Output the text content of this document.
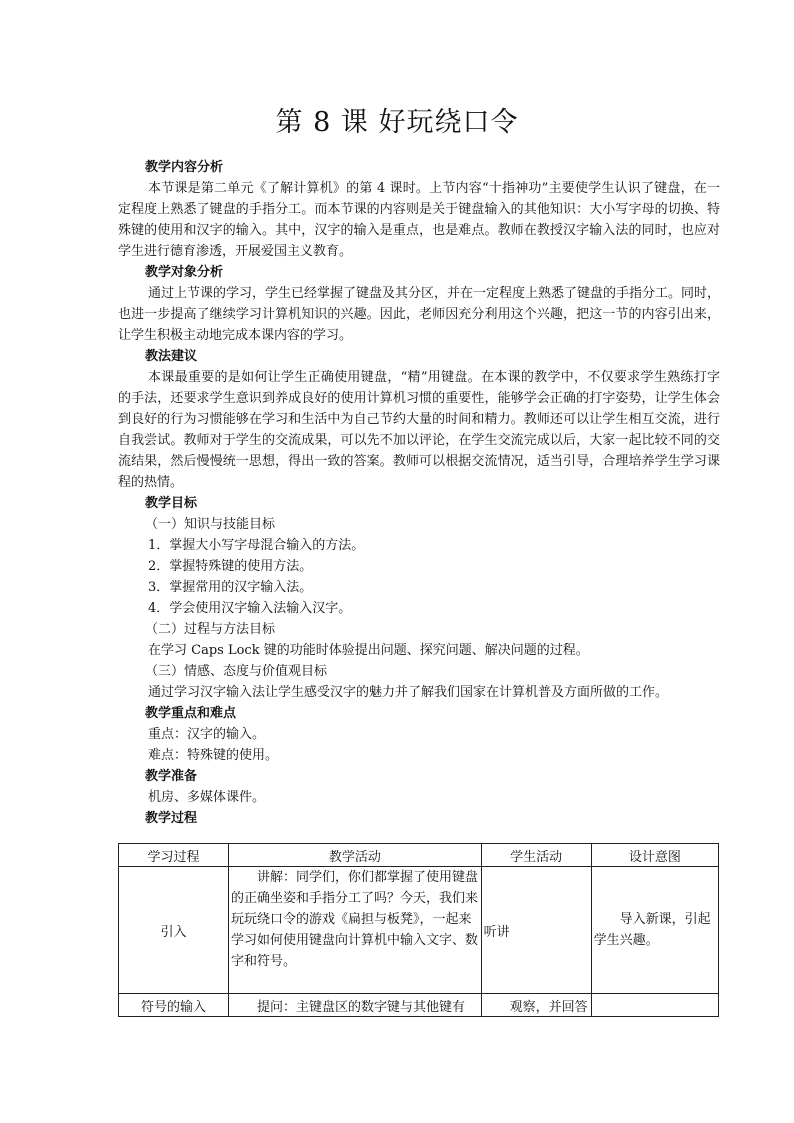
第 8 课 好玩绕口令

教学内容分析

本节课是第二单元《了解计算机》的第 4 课时。上节内容“十指神功”主要使学生认识了键盘，在一定程度上熟悉了键盘的手指分工。而本节课的内容则是关于键盘输入的其他知识：大小写字母的切换、特殊键的使用和汉字的输入。其中，汉字的输入是重点，也是难点。教师在教授汉字输入法的同时，也应对学生进行德育渗透，开展爱国主义教育。

教学对象分析

通过上节课的学习，学生已经掌握了键盘及其分区，并在一定程度上熟悉了键盘的手指分工。同时，也进一步提高了继续学习计算机知识的兴趣。因此，老师因充分利用这个兴趣，把这一节的内容引出来，让学生积极主动地完成本课内容的学习。

教法建议

本课最重要的是如何让学生正确使用键盘，“精”用键盘。在本课的教学中，不仅要求学生熟练打字的手法，还要求学生意识到养成良好的使用计算机习惯的重要性，能够学会正确的打字姿势，让学生体会到良好的行为习惯能够在学习和生活中为自己节约大量的时间和精力。教师还可以让学生相互交流，进行自我尝试。教师对于学生的交流成果，可以先不加以评论，在学生交流完成以后，大家一起比较不同的交流结果，然后慢慢统一思想，得出一致的答案。教师可以根据交流情况，适当引导，合理培养学生学习课程的热情。

教学目标

（一）知识与技能目标

1．掌握大小写字母混合输入的方法。

2．掌握特殊键的使用方法。

3．掌握常用的汉字输入法。

4．学会使用汉字输入法输入汉字。

（二）过程与方法目标

在学习 Caps Lock 键的功能时体验提出问题、探究问题、解决问题的过程。

（三）情感、态度与价值观目标

通过学习汉字输入法让学生感受汉字的魅力并了解我们国家在计算机普及方面所做的工作。

教学重点和难点

重点：汉字的输入。

难点：特殊键的使用。

教学准备

机房、多媒体课件。

教学过程

学习过程	教学活动	学生活动	设计意图
引入	讲解：同学们，你们都掌握了使用键盘的正确坐姿和手指分工了吗？今天，我们来玩玩绕口令的游戏《扁担与板凳》，一起来学习如何使用键盘向计算机中输入文字、数字和符号。	听讲	导入新课，引起学生兴趣。
符号的输入	提问：主键盘区的数字键与其他键有	观察，并回答	
